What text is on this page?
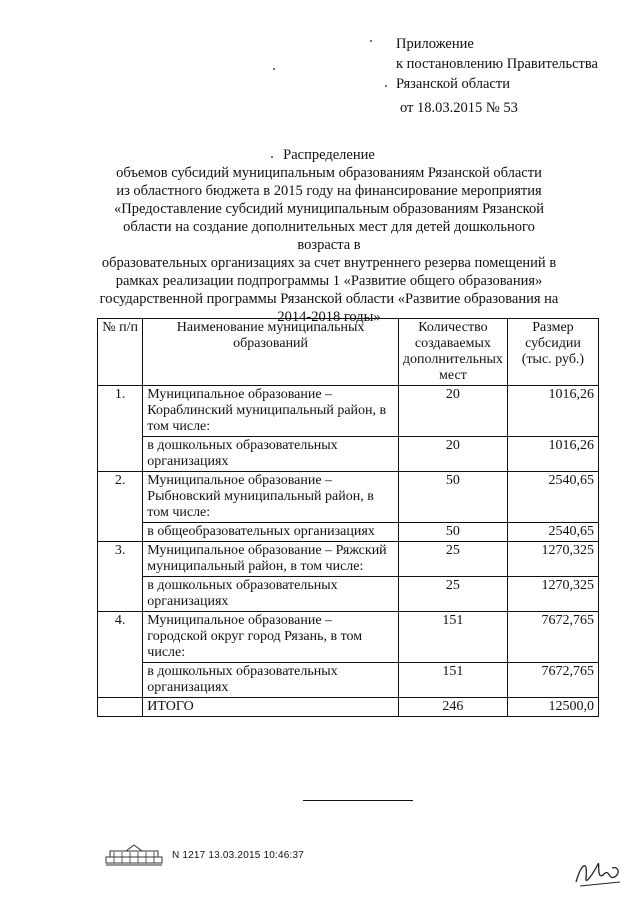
Приложение
к постановлению Правительства
Рязанской области
от 18.03.2015 № 53
Распределение
объемов субсидий муниципальным образованиям Рязанской области
из областного бюджета в 2015 году на финансирование мероприятия
«Предоставление субсидий муниципальным образованиям Рязанской
области на создание дополнительных мест для детей дошкольного возраста в
образовательных организациях за счет внутреннего резерва помещений в
рамках реализации подпрограммы 1 «Развитие общего образования»
государственной программы Рязанской области «Развитие образования на
2014-2018 годы»
№ п/п	Наименование муниципальных образований	Количество создаваемых дополнительных мест	Размер субсидии (тыс. руб.)
1.	Муниципальное образование – Кораблинский муниципальный район, в том числе:	20	1016,26
	в дошкольных образовательных организациях	20	1016,26
2.	Муниципальное образование – Рыбновский муниципальный район, в том числе:	50	2540,65
	в общеобразовательных организациях	50	2540,65
3.	Муниципальное образование – Ряжский муниципальный район, в том числе:	25	1270,325
	в дошкольных образовательных организациях	25	1270,325
4.	Муниципальное образование – городской округ город Рязань, в том числе:	151	7672,765
	в дошкольных образовательных организациях	151	7672,765
	ИТОГО	246	12500,0
N 1217 13.03.2015 10:46:37
